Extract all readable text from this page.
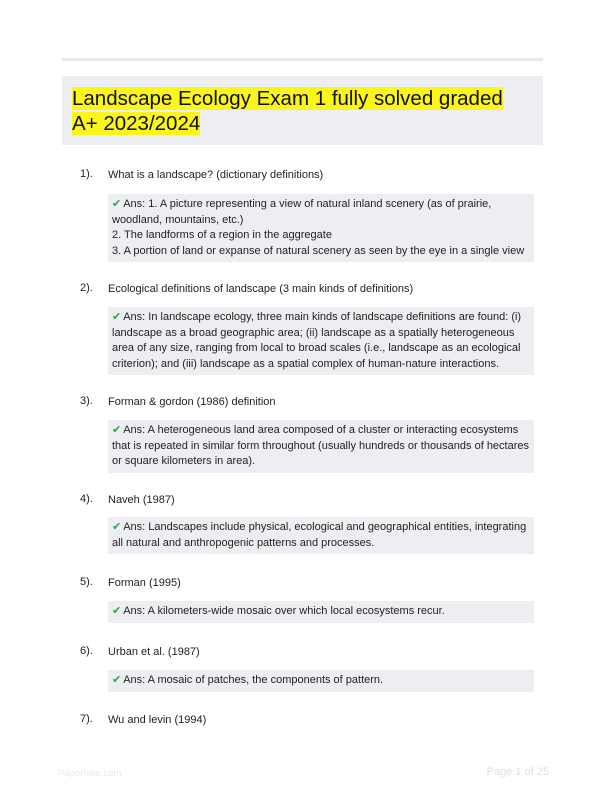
Landscape Ecology Exam 1 fully solved graded A+ 2023/2024
1). What is a landscape? (dictionary definitions)
✔ Ans: 1. A picture representing a view of natural inland scenery (as of prairie, woodland, mountains, etc.)
2. The landforms of a region in the aggregate
3. A portion of land or expanse of natural scenery as seen by the eye in a single view
2). Ecological definitions of landscape (3 main kinds of definitions)
✔ Ans: In landscape ecology, three main kinds of landscape definitions are found: (i) landscape as a broad geographic area; (ii) landscape as a spatially heterogeneous area of any size, ranging from local to broad scales (i.e., landscape as an ecological criterion); and (iii) landscape as a spatial complex of human-nature interactions.
3). Forman & gordon (1986) definition
✔ Ans: A heterogeneous land area composed of a cluster or interacting ecosystems that is repeated in similar form throughout (usually hundreds or thousands of hectares or square kilometers in area).
4). Naveh (1987)
✔ Ans: Landscapes include physical, ecological and geographical entities, integrating all natural and anthropogenic patterns and processes.
5). Forman (1995)
✔ Ans: A kilometers-wide mosaic over which local ecosystems recur.
6). Urban et al. (1987)
✔ Ans: A mosaic of patches, the components of pattern.
7). Wu and levin (1994)
Paperfolio.com	Page 1 of 25
